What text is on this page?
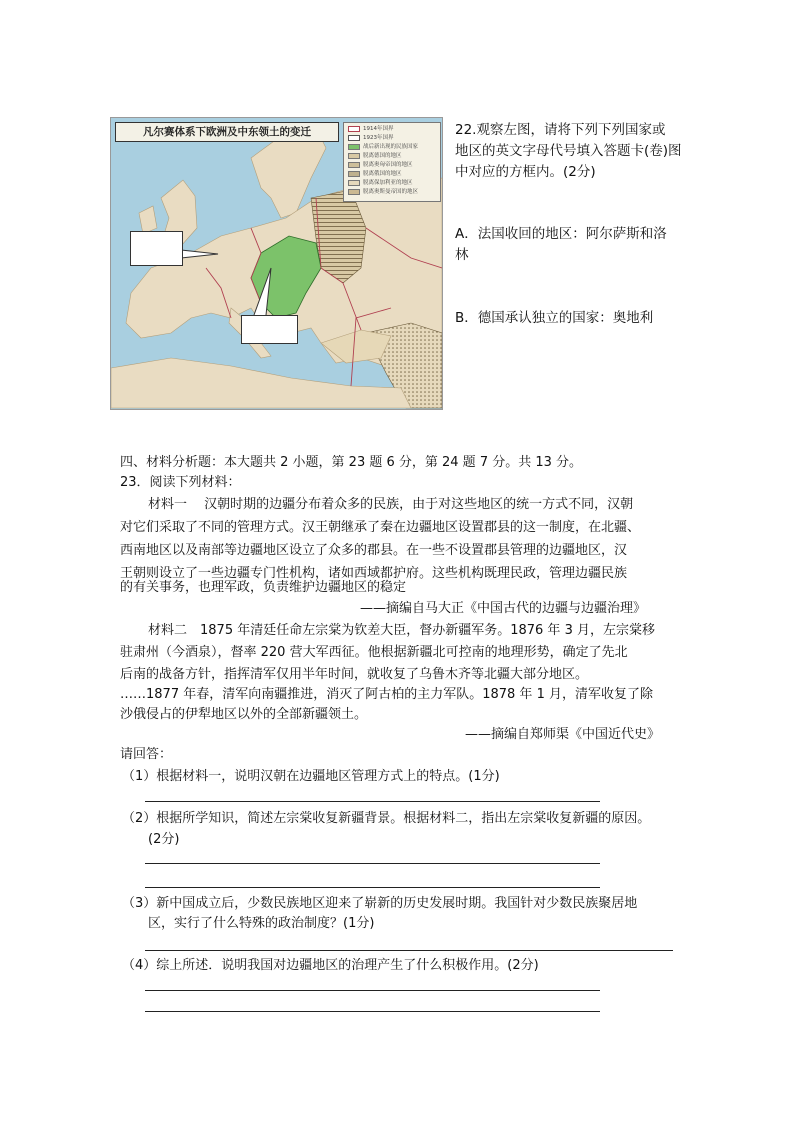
凡尔赛体系下欧洲及中东领土的变迁	1914年国界
1923年国界
战后新出现的民族国家
脱离德国的地区
脱离奥匈帝国的地区
脱离俄国的地区
脱离保加利亚的地区
脱离奥斯曼帝国的地区
22.观察左图，请将下列下列国家或
地区的英文字母代号填入答题卡(卷)图
中对应的方框内。(2分)
A．法国收回的地区：阿尔萨斯和洛
林
B．德国承认独立的国家：奥地利
四、材料分析题：本大题共 2 小题，第 23 题 6 分，第 24 题 7 分。共 13 分。
23．阅读下列材料：
材料一　 汉朝时期的边疆分布着众多的民族，由于对这些地区的统一方式不同，汉朝
对它们采取了不同的管理方式。汉王朝继承了秦在边疆地区设置郡县的这一制度，在北疆、
西南地区以及南部等边疆地区设立了众多的郡县。在一些不设置郡县管理的边疆地区，汉
王朝则设立了一些边疆专门性机构，诸如西域都护府。这些机构既理民政，管理边疆民族
的有关事务，也理军政，负责维护边疆地区的稳定
——摘编自马大正《中国古代的边疆与边疆治理》
材料二　1875 年清廷任命左宗棠为钦差大臣，督办新疆军务。1876 年 3 月，左宗棠移
驻肃州（今酒泉），督率 220 营大军西征。他根据新疆北可控南的地理形势，确定了先北
后南的战备方针，指挥清军仅用半年时间，就收复了乌鲁木齐等北疆大部分地区。
……1877 年春，清军向南疆推进，消灭了阿古柏的主力军队。1878 年 1 月，清军收复了除
沙俄侵占的伊犁地区以外的全部新疆领土。
——摘编自郑师渠《中国近代史》
请回答：
（1）根据材料一，说明汉朝在边疆地区管理方式上的特点。(1分)
（2）根据所学知识，简述左宗棠收复新疆背景。根据材料二，指出左宗棠收复新疆的原因。
(2分)
（3）新中国成立后，少数民族地区迎来了崭新的历史发展时期。我国针对少数民族聚居地
区，实行了什么特殊的政治制度？(1分)
（4）综上所述．说明我国对边疆地区的治理产生了什么积极作用。(2分)
